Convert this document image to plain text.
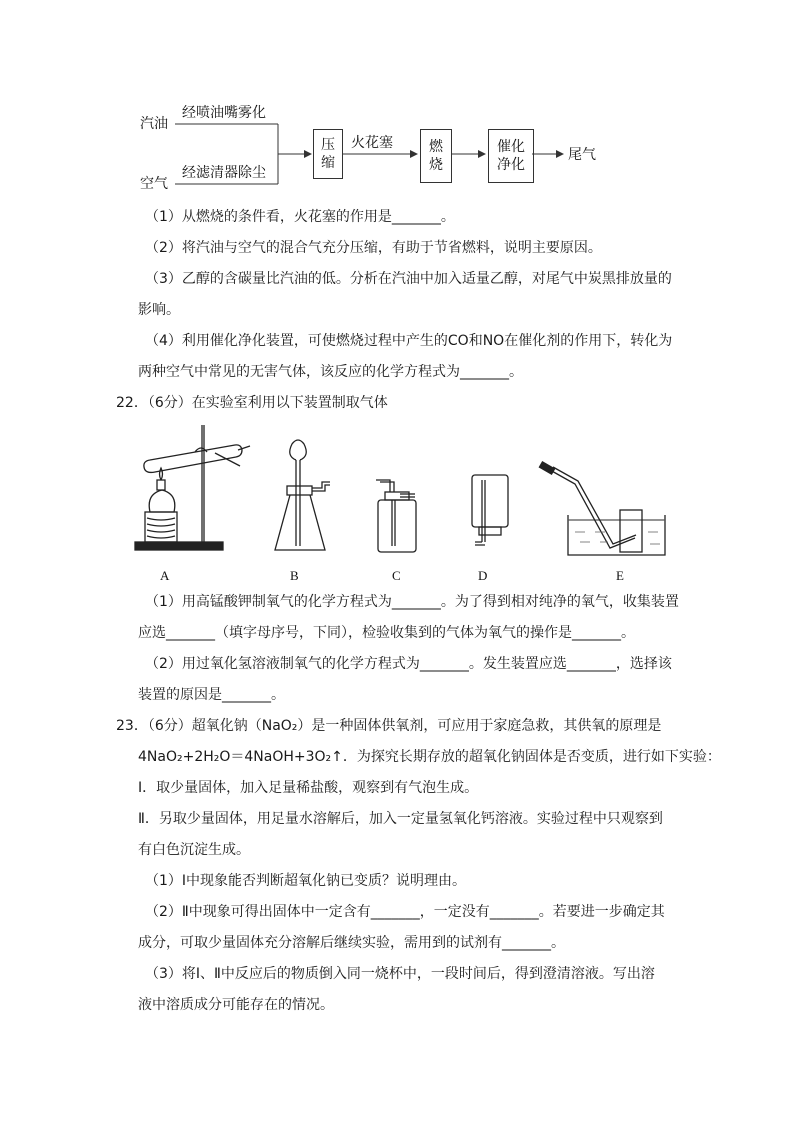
汽油
经喷油嘴雾化
空气
经滤清器除尘
压缩
火花塞	燃烧
催化净化
尾气
（1）从燃烧的条件看，火花塞的作用是_______。
（2）将汽油与空气的混合气充分压缩，有助于节省燃料，说明主要原因。
（3）乙醇的含碳量比汽油的低。分析在汽油中加入适量乙醇，对尾气中炭黑排放量的
影响。
（4）利用催化净化装置，可使燃烧过程中产生的CO和NO在催化剂的作用下，转化为
两种空气中常见的无害气体，该反应的化学方程式为_______。
22．（6分）在实验室利用以下装置制取气体
A	B	C	D	E
（1）用高锰酸钾制氧气的化学方程式为_______。为了得到相对纯净的氧气，收集装置
应选_______（填字母序号，下同），检验收集到的气体为氧气的操作是_______。
（2）用过氧化氢溶液制氧气的化学方程式为_______。发生装置应选_______，选择该
装置的原因是_______。
23．（6分）超氧化钠（NaO₂）是一种固体供氧剂，可应用于家庭急救，其供氧的原理是
4NaO₂+2H₂O＝4NaOH+3O₂↑．为探究长期存放的超氧化钠固体是否变质，进行如下实验：
Ⅰ．取少量固体，加入足量稀盐酸，观察到有气泡生成。
Ⅱ．另取少量固体，用足量水溶解后，加入一定量氢氧化钙溶液。实验过程中只观察到
有白色沉淀生成。
（1）Ⅰ中现象能否判断超氧化钠已变质？说明理由。
（2）Ⅱ中现象可得出固体中一定含有_______，一定没有_______。若要进一步确定其
成分，可取少量固体充分溶解后继续实验，需用到的试剂有_______。
（3）将Ⅰ、Ⅱ中反应后的物质倒入同一烧杯中，一段时间后，得到澄清溶液。写出溶
液中溶质成分可能存在的情况。
